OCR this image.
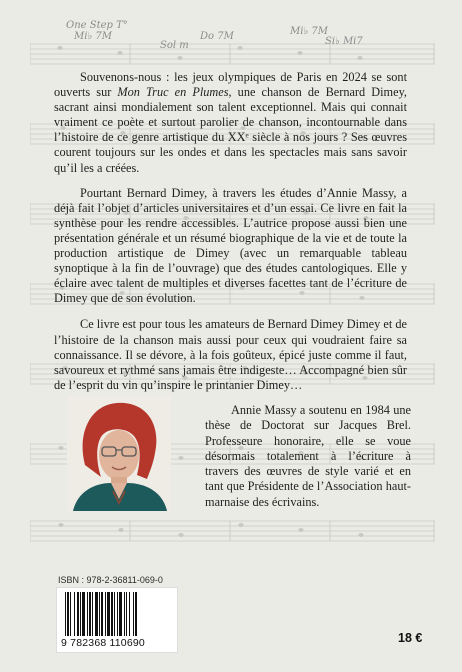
One Step T°
Mi♭ 7M	Do 7M	Mi♭ 7M
Si♭ Mi7
Sol m

Souvenons-nous : les jeux olympiques de Paris en 2024 se sont ouverts sur Mon Truc en Plumes, une chanson de Bernard Dimey, sacrant ainsi mondialement son talent exceptionnel. Mais qui connait vraiment ce poète et surtout parolier de chanson, incontournable dans l’histoire de ce genre artistique du XXᵉ siècle à nos jours ? Ses œuvres courent toujours sur les ondes et dans les spectacles mais sans savoir qu’il les a créées.

Pourtant Bernard Dimey, à travers les études d’Annie Massy, a déjà fait l’objet d’articles universitaires et d’un essai. Ce livre en fait la synthèse pour les rendre accessibles. L’autrice propose aussi bien une présentation générale et un résumé biographique de la vie et de toute la production artistique de Dimey (avec un remarquable tableau synoptique à la fin de l’ouvrage) que des études cantologiques. Elle y éclaire avec talent de multiples et diverses facettes tant de l’écriture de Dimey que de son évolution.

Ce livre est pour tous les amateurs de Bernard Dimey Dimey et de l’histoire de la chanson mais aussi pour ceux qui voudraient faire sa connaissance. Il se dévore, à la fois goûteux, épicé juste comme il faut, savoureux et rythmé sans jamais être indigeste… Accompagné bien sûr de l’esprit du vin qu’inspire le printanier Dimey…

Annie Massy a soutenu en 1984 une thèse de Doctorat sur Jacques Brel. Professeure honoraire, elle se voue désormais totalement à l’écriture à travers des œuvres de style varié et en tant que Présidente de l’Association haut-marnaise des écrivains.
ISBN : 978-2-36811-069-0
9 782368 110690	18 €
